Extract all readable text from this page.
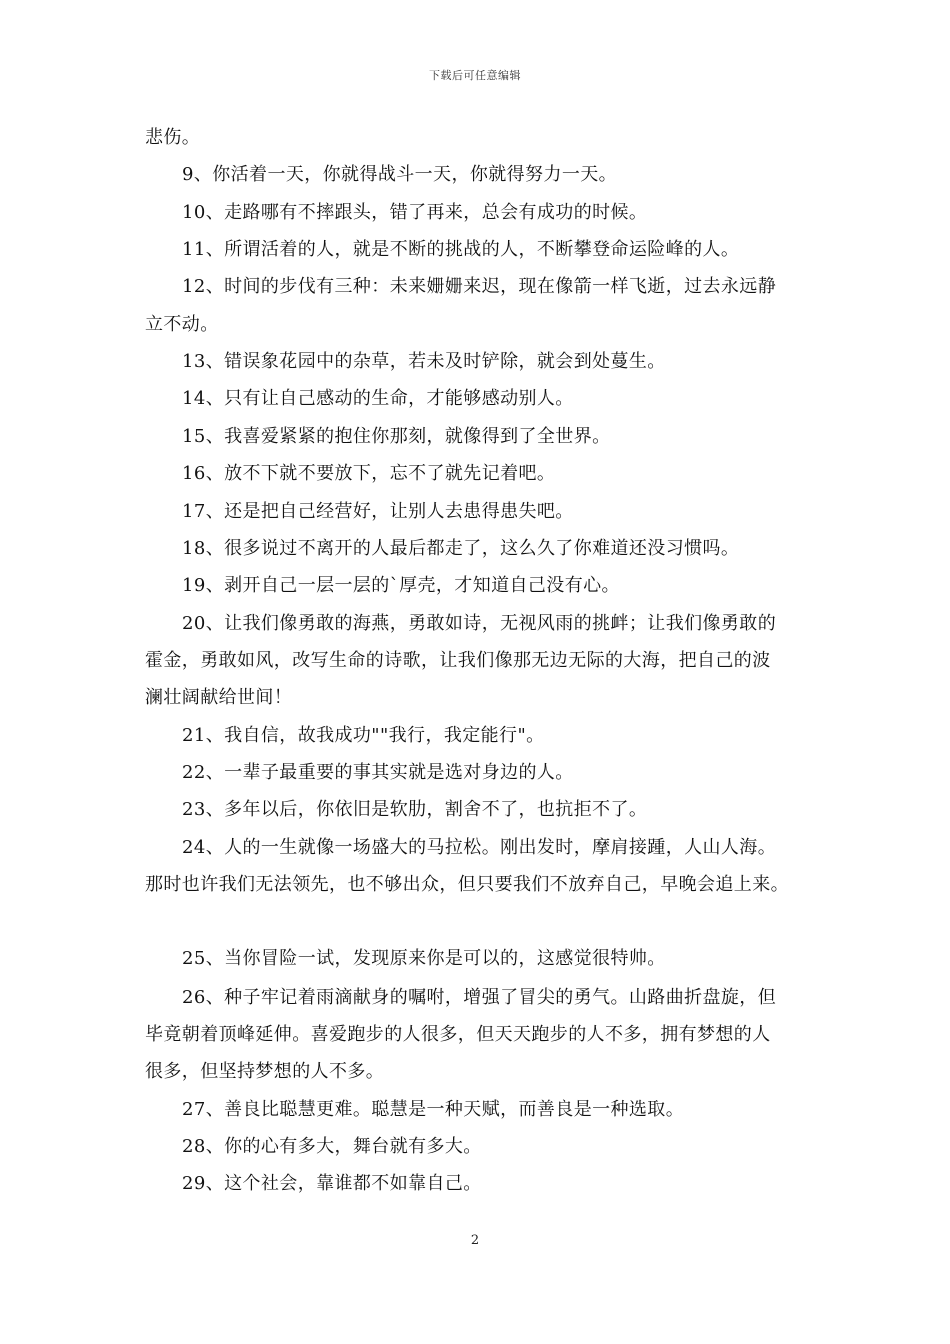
下载后可任意编辑
悲伤。
9、你活着一天，你就得战斗一天，你就得努力一天。
10、走路哪有不摔跟头，错了再来，总会有成功的时候。
11、所谓活着的人，就是不断的挑战的人，不断攀登命运险峰的人。
12、时间的步伐有三种：未来姗姗来迟，现在像箭一样飞逝，过去永远静
立不动。
13、错误象花园中的杂草，若未及时铲除，就会到处蔓生。
14、只有让自己感动的生命，才能够感动别人。
15、我喜爱紧紧的抱住你那刻，就像得到了全世界。
16、放不下就不要放下，忘不了就先记着吧。
17、还是把自己经营好，让别人去患得患失吧。
18、很多说过不离开的人最后都走了，这么久了你难道还没习惯吗。
19、剥开自己一层一层的`厚壳，才知道自己没有心。
20、让我们像勇敢的海燕，勇敢如诗，无视风雨的挑衅；让我们像勇敢的
霍金，勇敢如风，改写生命的诗歌，让我们像那无边无际的大海，把自己的波
澜壮阔献给世间！
21、我自信，故我成功""我行，我定能行"。
22、一辈子最重要的事其实就是选对身边的人。
23、多年以后，你依旧是软肋，割舍不了，也抗拒不了。
24、人的一生就像一场盛大的马拉松。刚出发时，摩肩接踵，人山人海。
那时也许我们无法领先，也不够出众，但只要我们不放弃自己，早晚会追上来。
25、当你冒险一试，发现原来你是可以的，这感觉很特帅。
26、种子牢记着雨滴献身的嘱咐，增强了冒尖的勇气。山路曲折盘旋，但
毕竟朝着顶峰延伸。喜爱跑步的人很多，但天天跑步的人不多，拥有梦想的人
很多，但坚持梦想的人不多。
27、善良比聪慧更难。聪慧是一种天赋，而善良是一种选取。
28、你的心有多大，舞台就有多大。
29、这个社会，靠谁都不如靠自己。
2
